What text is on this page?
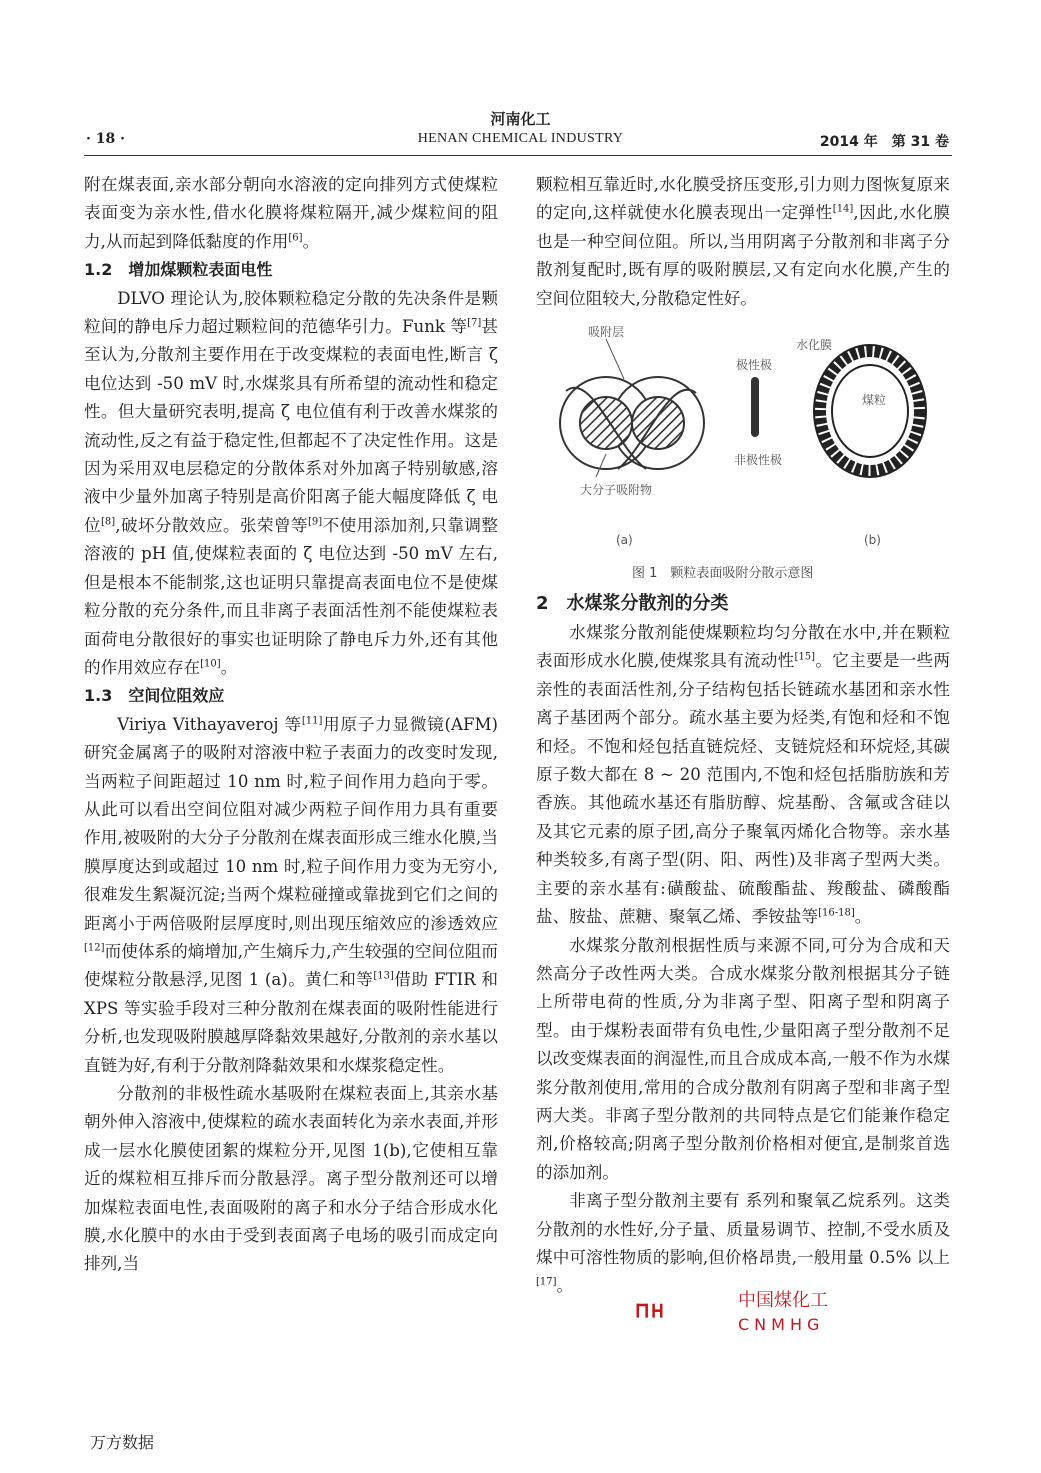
河南化工
· 18 ·	HENAN CHEMICAL INDUSTRY	2014 年　第 31 卷

附在煤表面,亲水部分朝向水溶液的定向排列方式使煤粒表面变为亲水性,借水化膜将煤粒隔开,减少煤粒间的阻力,从而起到降低黏度的作用[6]。

1.2　增加煤颗粒表面电性

DLVO 理论认为,胶体颗粒稳定分散的先决条件是颗粒间的静电斥力超过颗粒间的范德华引力。Funk 等[7]甚至认为,分散剂主要作用在于改变煤粒的表面电性,断言 ζ 电位达到 -50 mV 时,水煤浆具有所希望的流动性和稳定性。但大量研究表明,提高 ζ 电位值有利于改善水煤浆的流动性,反之有益于稳定性,但都起不了决定性作用。这是因为采用双电层稳定的分散体系对外加离子特别敏感,溶液中少量外加离子特别是高价阳离子能大幅度降低 ζ 电位[8],破坏分散效应。张荣曾等[9]不使用添加剂,只靠调整溶液的 pH 值,使煤粒表面的 ζ 电位达到 -50 mV 左右,但是根本不能制浆,这也证明只靠提高表面电位不是使煤粒分散的充分条件,而且非离子表面活性剂不能使煤粒表面荷电分散很好的事实也证明除了静电斥力外,还有其他的作用效应存在[10]。

1.3　空间位阻效应

Viriya Vithayaveroj 等[11]用原子力显微镜(AFM)研究金属离子的吸附对溶液中粒子表面力的改变时发现,当两粒子间距超过 10 nm 时,粒子间作用力趋向于零。从此可以看出空间位阻对减少两粒子间作用力具有重要作用,被吸附的大分子分散剂在煤表面形成三维水化膜,当膜厚度达到或超过 10 nm 时,粒子间作用力变为无穷小,很难发生絮凝沉淀;当两个煤粒碰撞或靠拢到它们之间的距离小于两倍吸附层厚度时,则出现压缩效应的渗透效应[12]而使体系的熵增加,产生熵斥力,产生较强的空间位阻而使煤粒分散悬浮,见图 1 (a)。黄仁和等[13]借助 FTIR 和 XPS 等实验手段对三种分散剂在煤表面的吸附性能进行分析,也发现吸附膜越厚降黏效果越好,分散剂的亲水基以直链为好,有利于分散剂降黏效果和水煤浆稳定性。

分散剂的非极性疏水基吸附在煤粒表面上,其亲水基朝外伸入溶液中,使煤粒的疏水表面转化为亲水表面,并形成一层水化膜使团絮的煤粒分开,见图 1(b),它使相互靠近的煤粒相互排斥而分散悬浮。离子型分散剂还可以增加煤粒表面电性,表面吸附的离子和水分子结合形成水化膜,水化膜中的水由于受到表面离子电场的吸引而成定向排列,当

颗粒相互靠近时,水化膜受挤压变形,引力则力图恢复原来的定向,这样就使水化膜表现出一定弹性[14],因此,水化膜也是一种空间位阻。所以,当用阴离子分散剂和非离子分散剂复配时,既有厚的吸附膜层,又有定向水化膜,产生的空间位阻较大,分散稳定性好。

吸附层
大分子吸附物
(a)
极性极
非极性极
水化膜
煤粒
(b)
图 1　颗粒表面吸附分散示意图

2　水煤浆分散剂的分类

水煤浆分散剂能使煤颗粒均匀分散在水中,并在颗粒表面形成水化膜,使煤浆具有流动性[15]。它主要是一些两亲性的表面活性剂,分子结构包括长链疏水基团和亲水性离子基团两个部分。疏水基主要为烃类,有饱和烃和不饱和烃。不饱和烃包括直链烷烃、支链烷烃和环烷烃,其碳原子数大都在 8 ~ 20 范围内,不饱和烃包括脂肪族和芳香族。其他疏水基还有脂肪醇、烷基酚、含氟或含硅以及其它元素的原子团,高分子聚氧丙烯化合物等。亲水基种类较多,有离子型(阴、阳、两性)及非离子型两大类。主要的亲水基有:磺酸盐、硫酸酯盐、羧酸盐、磷酸酯盐、胺盐、蔗糖、聚氧乙烯、季铵盐等[16-18]。

水煤浆分散剂根据性质与来源不同,可分为合成和天然高分子改性两大类。合成水煤浆分散剂根据其分子链上所带电荷的性质,分为非离子型、阳离子型和阴离子型。由于煤粉表面带有负电性,少量阳离子型分散剂不足以改变煤表面的润湿性,而且合成成本高,一般不作为水煤浆分散剂使用,常用的合成分散剂有阴离子型和非离子型两大类。非离子型分散剂的共同特点是它们能兼作稳定剂,价格较高;阴离子型分散剂价格相对便宜,是制浆首选的添加剂。

非离子型分散剂主要有 系列和聚氧乙烷系列。这类分散剂的水性好,分子量、质量易调节、控制,不受水质及煤中可溶性物质的影响,但价格昂贵,一般用量 0.5% 以上[17]。

中国煤化工
CNMHG
万方数据
